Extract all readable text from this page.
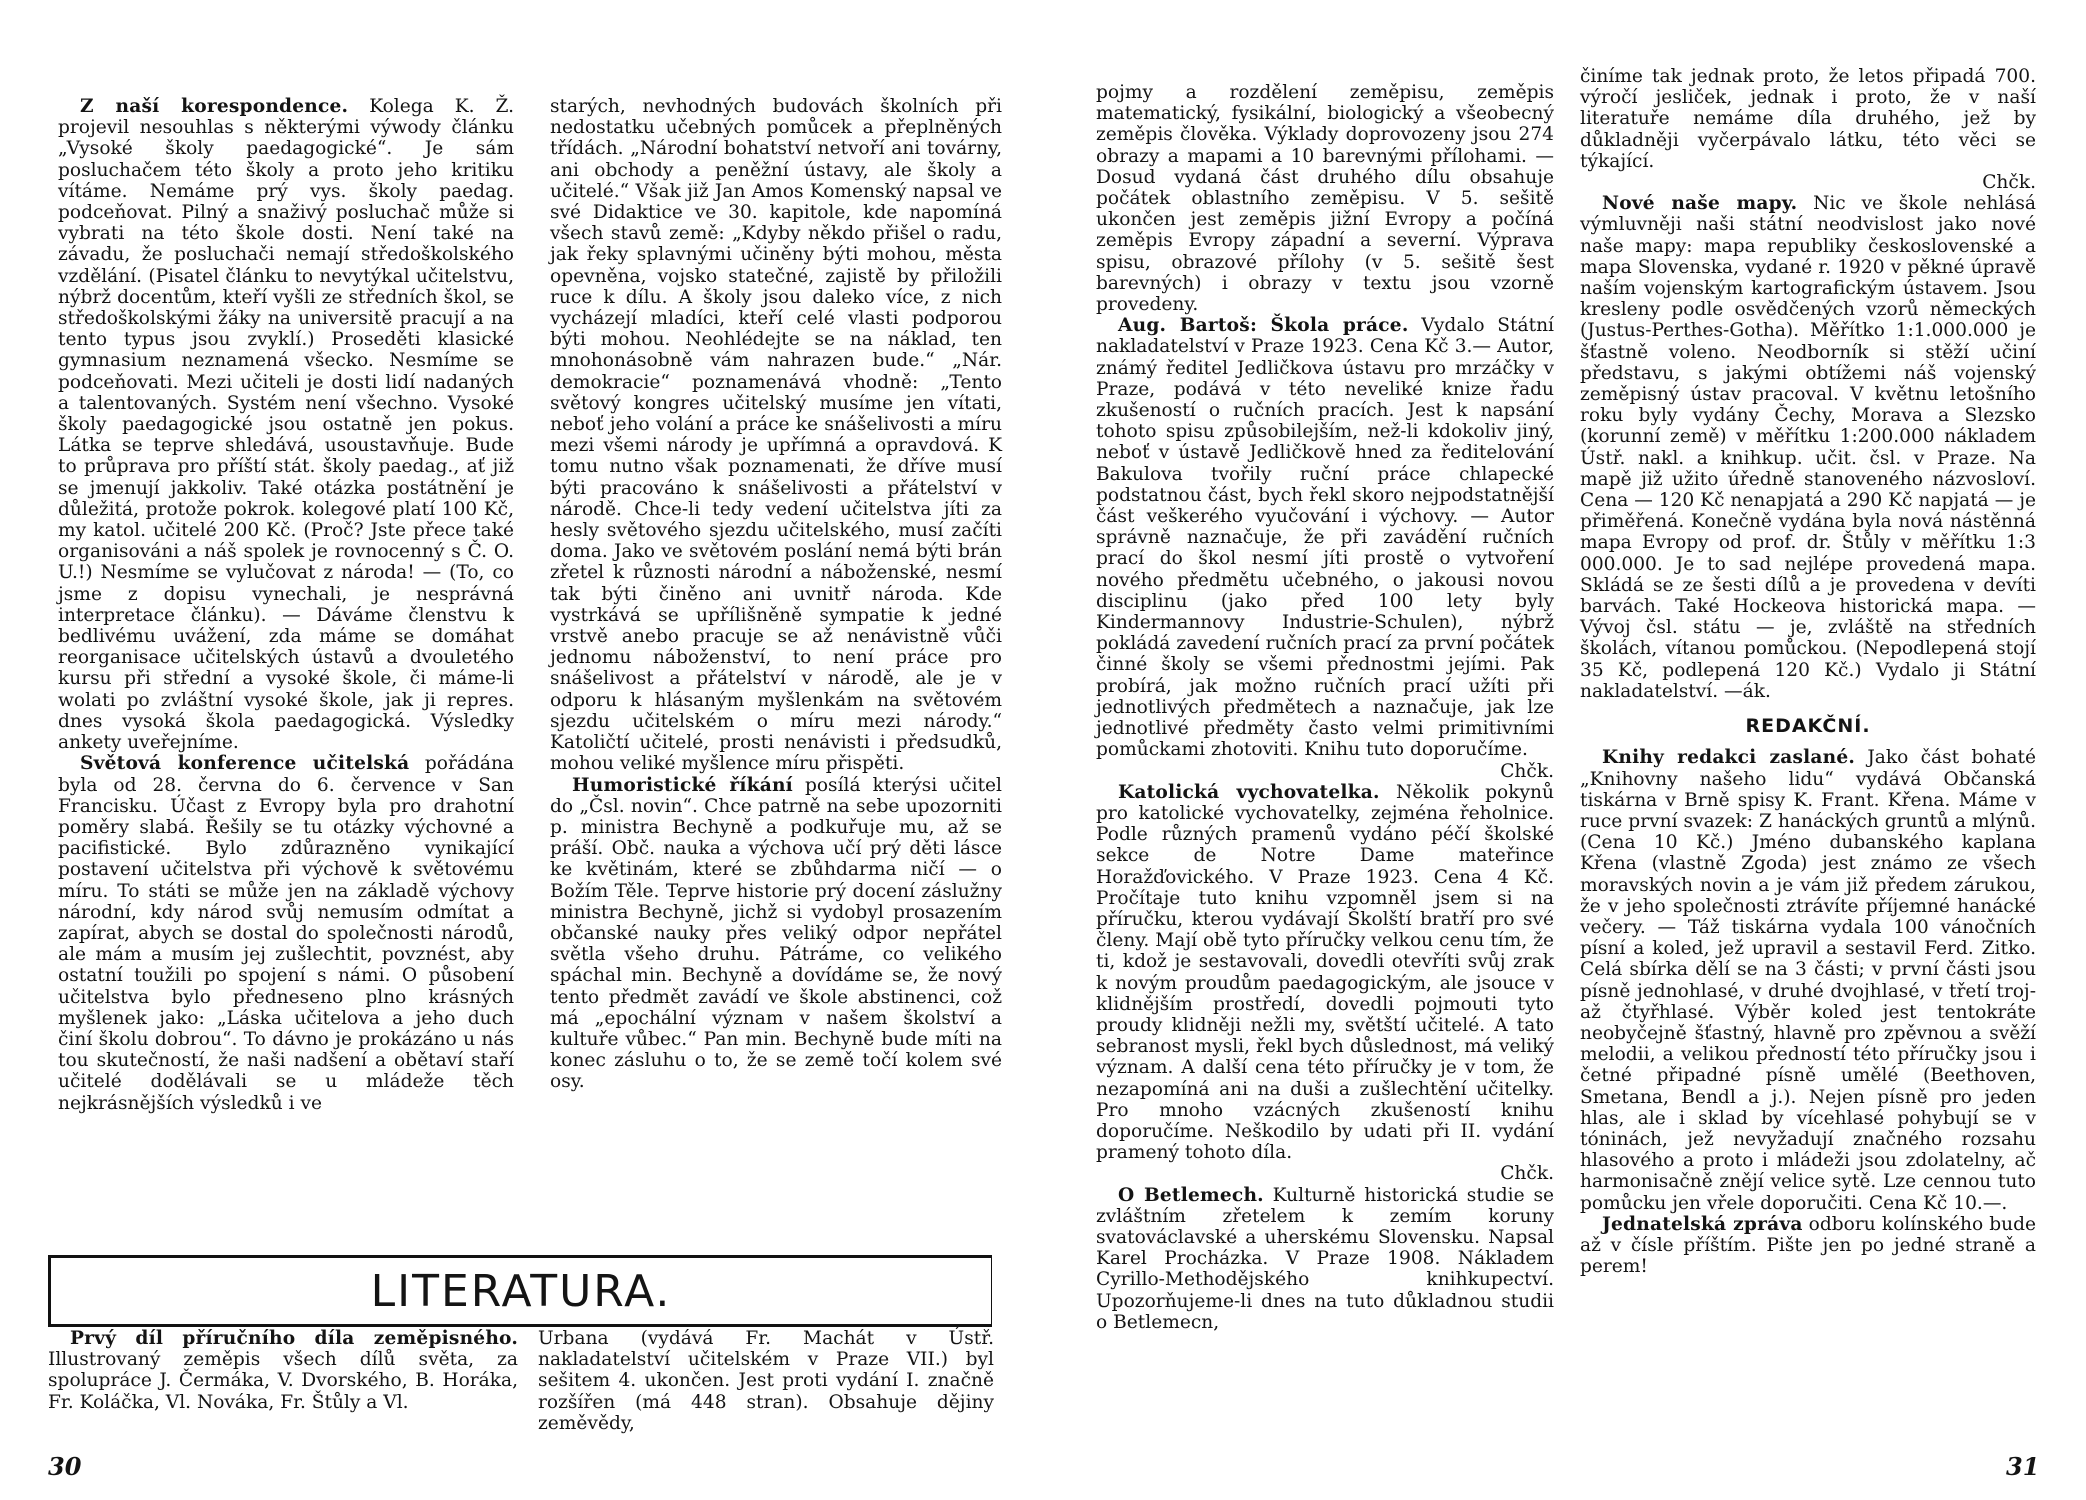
Z naší korespondence. Kolega K. Ž. projevil nesouhlas s některými výwody článku „Vysoké školy paedagogické“. Je sám posluchačem této školy a proto jeho kritiku vítáme. Nemáme prý vys. školy paedag. podceňovat. Pilný a snaživý posluchač může si vybrati na této škole dosti. Není také na závadu, že posluchači nemají středoškolského vzdělání. (Pisatel článku to nevytýkal učitelstvu, nýbrž docentům, kteří vyšli ze středních škol, se středoškolskými žáky na universitě pracují a na tento typus jsou zvyklí.) Proseděti klasické gymnasium neznamená všecko. Nesmíme se podceňovati. Mezi učiteli je dosti lidí nadaných a talentovaných. Systém není všechno. Vysoké školy paedagogické jsou ostatně jen pokus. Látka se teprve shledává, usoustavňuje. Bude to průprava pro příští stát. školy paedag., ať již se jmenují jakkoliv. Také otázka postátnění je důležitá, protože pokrok. kolegové platí 100 Kč, my katol. učitelé 200 Kč. (Proč? Jste přece také organisováni a náš spolek je rovnocenný s Č. O. U.!) Nesmíme se vylučovat z národa! — (To, co jsme z dopisu vynechali, je nesprávná interpretace článku). — Dáváme členstvu k bedlivému uvážení, zda máme se domáhat reorganisace učitelských ústavů a dvouletého kursu při střední a vysoké škole, či máme-li wolati po zvláštní vysoké škole, jak ji repres. dnes vysoká škola paedagogická. Výsledky ankety uveřejníme.

Světová konference učitelská pořádána byla od 28. června do 6. července v San Francisku. Účast z Evropy byla pro drahotní poměry slabá. Řešily se tu otázky výchovné a pacifistické. Bylo zdůrazněno vynikající postavení učitelstva při výchově k světovému míru. To státi se může jen na základě výchovy národní, kdy národ svůj nemusím odmítat a zapírat, abych se dostal do společnosti národů, ale mám a musím jej zušlechtit, povznést, aby ostatní toužili po spojení s námi. O působení učitelstva bylo předneseno plno krásných myšlenek jako: „Láska učitelova a jeho duch činí školu dobrou“. To dávno je prokázáno u nás tou skutečností, že naši nadšení a obětaví staří učitelé dodělávali se u mládeže těch nejkrásnějších výsledků i ve

starých, nevhodných budovách školních při nedostatku učebných pomůcek a přeplněných třídách. „Národní bohatství netvoří ani továrny, ani obchody a peněžní ústavy, ale školy a učitelé.“ Však již Jan Amos Komenský napsal ve své Didaktice ve 30. kapitole, kde napomíná všech stavů země: „Kdyby někdo přišel o radu, jak řeky splavnými učiněny býti mohou, města opevněna, vojsko statečné, zajistě by přiložili ruce k dílu. A školy jsou daleko více, z nich vycházejí mladíci, kteří celé vlasti podporou býti mohou. Neohlédejte se na náklad, ten mnohonásobně vám nahrazen bude.“ „Nár. demokracie“ poznamenává vhodně: „Tento světový kongres učitelský musíme jen vítati, neboť jeho volání a práce ke snášelivosti a míru mezi všemi národy je upřímná a opravdová. K tomu nutno však poznamenati, že dříve musí býti pracováno k snášelivosti a přátelství v národě. Chce-li tedy vedení učitelstva jíti za hesly světového sjezdu učitelského, musí začíti doma. Jako ve světovém poslání nemá býti brán zřetel k různosti národní a náboženské, nesmí tak býti činěno ani uvnitř národa. Kde vystrkává se upřílišněně sympatie k jedné vrstvě anebo pracuje se až nenávistně vůči jednomu náboženství, to není práce pro snášelivost a přátelství v národě, ale je v odporu k hlásaným myšlenkám na světovém sjezdu učitelském o míru mezi národy.“ Katoličtí učitelé, prosti nenávisti i předsudků, mohou veliké myšlence míru přispěti.

Humoristické říkání posílá kterýsi učitel do „Čsl. novin“. Chce patrně na sebe upozorniti p. ministra Bechyně a podkuřuje mu, až se práší. Obč. nauka a výchova učí prý děti lásce ke květinám, které se zbůhdarma ničí — o Božím Těle. Teprve historie prý docení záslužny ministra Bechyně, jichž si vydobyl prosazením občanské nauky přes veliký odpor nepřátel světla všeho druhu. Pátráme, co velikého spáchal min. Bechyně a dovídáme se, že nový tento předmět zavádí ve škole abstinenci, což má „epochální význam v našem školství a kultuře vůbec.“ Pan min. Bechyně bude míti na konec zásluhu o to, že se země točí kolem své osy.

LITERATURA.

Prvý díl příručního díla zeměpisného. Illustrovaný zeměpis všech dílů světa, za spolupráce J. Čermáka, V. Dvorského, B. Horáka, Fr. Koláčka, Vl. Nováka, Fr. Štůly a Vl.

Urbana (vydává Fr. Machát v Ústř. nakladatelství učitelském v Praze VII.) byl sešitem 4. ukončen. Jest proti vydání I. značně rozšířen (má 448 stran). Obsahuje dějiny zeměvědy,

30

pojmy a rozdělení zeměpisu, zeměpis matematický, fysikální, biologický a všeobecný zeměpis člověka. Výklady doprovozeny jsou 274 obrazy a mapami a 10 barevnými přílohami. — Dosud vydaná část druhého dílu obsahuje počátek oblastního zeměpisu. V 5. sešitě ukončen jest zeměpis jižní Evropy a počíná zeměpis Evropy západní a severní. Výprava spisu, obrazové přílohy (v 5. sešitě šest barevných) i obrazy v textu jsou vzorně provedeny.

Aug. Bartoš: Škola práce. Vydalo Státní nakladatelství v Praze 1923. Cena Kč 3.— Autor, známý ředitel Jedličkova ústavu pro mrzáčky v Praze, podává v této neveliké knize řadu zkušeností o ručních pracích. Jest k napsání tohoto spisu způsobilejším, než-li kdokoliv jiný, neboť v ústavě Jedličkově hned za ředitelování Bakulova tvořily ruční práce chlapecké podstatnou část, bych řekl skoro nejpodstatnější část veškerého vyučování i výchovy. — Autor správně naznačuje, že při zavádění ručních prací do škol nesmí jíti prostě o vytvoření nového předmětu učebného, o jakousi novou disciplinu (jako před 100 lety byly Kindermannovy Industrie-Schulen), nýbrž pokládá zavedení ručních prací za první počátek činné školy se všemi přednostmi jejími. Pak probírá, jak možno ručních prací užíti při jednotlivých předmětech a naznačuje, jak lze jednotlivé předměty často velmi primitivními pomůckami zhotoviti. Knihu tuto doporučíme.

Chčk.

Katolická vychovatelka. Několik pokynů pro katolické vychovatelky, zejména řeholnice. Podle různých pramenů vydáno péčí školské sekce de Notre Dame mateřince Horažďovického. V Praze 1923. Cena 4 Kč. Pročítaje tuto knihu vzpomněl jsem si na příručku, kterou vydávají Školští bratří pro své členy. Mají obě tyto příručky velkou cenu tím, že ti, kdož je sestavovali, dovedli otevříti svůj zrak k novým proudům paedagogickým, ale jsouce v klidnějším prostředí, dovedli pojmouti tyto proudy klidněji nežli my, světští učitelé. A tato sebranost mysli, řekl bych důslednost, má veliký význam. A další cena této příručky je v tom, že nezapomíná ani na duši a zušlechtění učitelky. Pro mnoho vzácných zkušeností knihu doporučíme. Neškodilo by udati při II. vydání pramený tohoto díla.

Chčk.

O Betlemech. Kulturně historická studie se zvláštním zřetelem k zemím koruny svatováclavské a uherskému Slovensku. Napsal Karel Procházka. V Praze 1908. Nákladem Cyrillo-Methodějského knihkupectví. Upozorňujeme-li dnes na tuto důkladnou studii o Betlemecn,

činíme tak jednak proto, že letos připadá 700. výročí jesliček, jednak i proto, že v naší literatuře nemáme díla druhého, jež by důkladněji vyčerpávalo látku, této věci se týkající.

Chčk.

Nové naše mapy. Nic ve škole nehlásá výmluvněji naši státní neodvislost jako nové naše mapy: mapa republiky československé a mapa Slovenska, vydané r. 1920 v pěkné úpravě naším vojenským kartografickým ústavem. Jsou kresleny podle osvědčených vzorů německých (Justus-Perthes-Gotha). Měřítko 1:1.000.000 je šťastně voleno. Neodborník si stěží učiní představu, s jakými obtížemi náš vojenský zeměpisný ústav pracoval. V květnu letošního roku byly vydány Čechy, Morava a Slezsko (korunní země) v měřítku 1:200.000 nákladem Ústř. nakl. a knihkup. učit. čsl. v Praze. Na mapě již užito úředně stanoveného názvosloví. Cena — 120 Kč nenapjatá a 290 Kč napjatá — je přiměřená. Konečně vydána byla nová nástěnná mapa Evropy od prof. dr. Štůly v měřítku 1:3 000.000. Je to sad nejlépe provedená mapa. Skládá se ze šesti dílů a je provedena v devíti barvách. Také Hockeova historická mapa. — Vývoj čsl. státu — je, zvláště na středních školách, vítanou pomůckou. (Nepodlepená stojí 35 Kč, podlepená 120 Kč.) Vydalo ji Státní nakladatelství. —ák.

REDAKČNÍ.

Knihy redakci zaslané. Jako část bohaté „Knihovny našeho lidu“ vydává Občanská tiskárna v Brně spisy K. Frant. Křena. Máme v ruce první svazek: Z hanáckých gruntů a mlýnů. (Cena 10 Kč.) Jméno dubanského kaplana Křena (vlastně Zgoda) jest známo ze všech moravských novin a je vám již předem zárukou, že v jeho společnosti ztrávíte příjemné hanácké večery. — Táž tiskárna vydala 100 vánočních písní a koled, jež upravil a sestavil Ferd. Zitko. Celá sbírka dělí se na 3 části; v první části jsou písně jednohlasé, v druhé dvojhlasé, v třetí troj- až čtyřhlasé. Výběr koled jest tentokráte neobyčejně šťastný, hlavně pro zpěvnou a svěží melodii, a velikou předností této příručky jsou i četné připadné písně umělé (Beethoven, Smetana, Bendl a j.). Nejen písně pro jeden hlas, ale i sklad by vícehlasé pohybují se v tóninách, jež nevyžadují značného rozsahu hlasového a proto i mládeži jsou zdolatelny, ač harmonisačně znějí velice sytě. Lze cennou tuto pomůcku jen vřele doporučiti. Cena Kč 10.—.

Jednatelská zpráva odboru kolínského bude až v čísle příštím. Pište jen po jedné straně a perem!

31
